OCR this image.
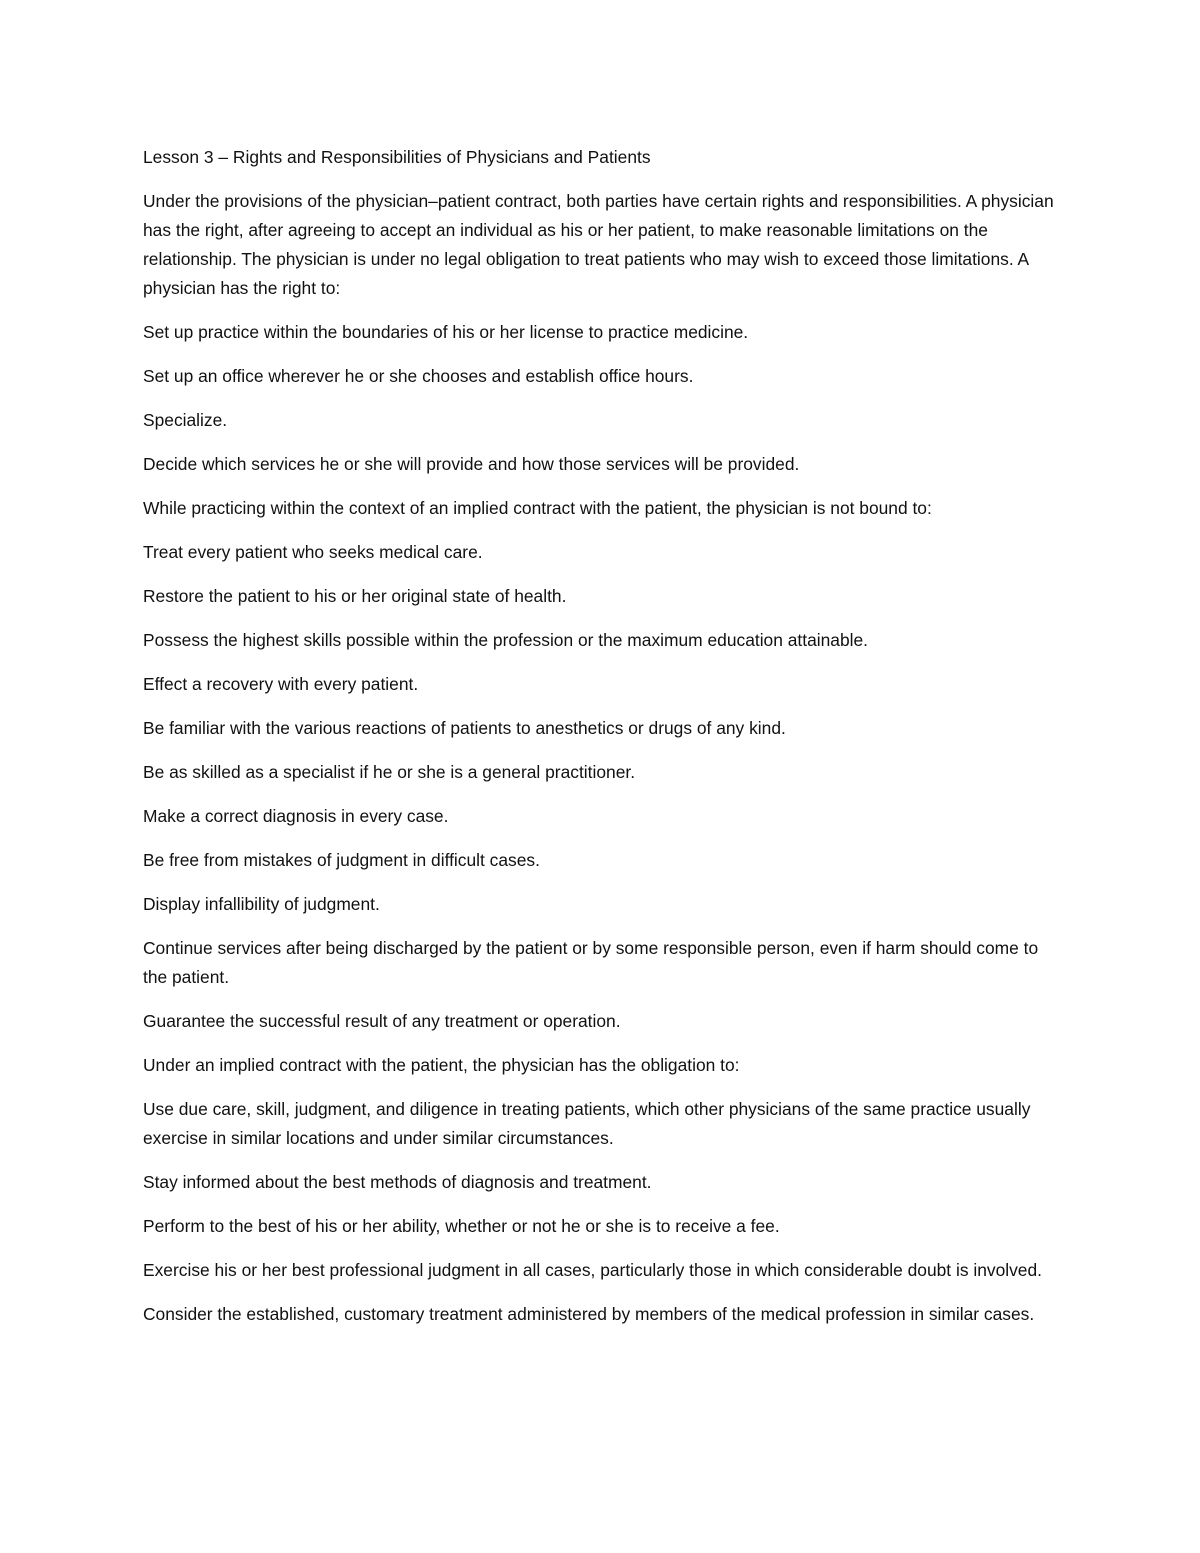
Lesson 3 – Rights and Responsibilities of Physicians and Patients

Under the provisions of the physician–patient contract, both parties have certain rights and responsibilities. A physician has the right, after agreeing to accept an individual as his or her patient, to make reasonable limitations on the relationship. The physician is under no legal obligation to treat patients who may wish to exceed those limitations. A physician has the right to:

Set up practice within the boundaries of his or her license to practice medicine.

Set up an office wherever he or she chooses and establish office hours.

Specialize.

Decide which services he or she will provide and how those services will be provided.

While practicing within the context of an implied contract with the patient, the physician is not bound to:

Treat every patient who seeks medical care.

Restore the patient to his or her original state of health.

Possess the highest skills possible within the profession or the maximum education attainable.

Effect a recovery with every patient.

Be familiar with the various reactions of patients to anesthetics or drugs of any kind.

Be as skilled as a specialist if he or she is a general practitioner.

Make a correct diagnosis in every case.

Be free from mistakes of judgment in difficult cases.

Display infallibility of judgment.

Continue services after being discharged by the patient or by some responsible person, even if harm should come to the patient.

Guarantee the successful result of any treatment or operation.

Under an implied contract with the patient, the physician has the obligation to:

Use due care, skill, judgment, and diligence in treating patients, which other physicians of the same practice usually exercise in similar locations and under similar circumstances.

Stay informed about the best methods of diagnosis and treatment.

Perform to the best of his or her ability, whether or not he or she is to receive a fee.

Exercise his or her best professional judgment in all cases, particularly those in which considerable doubt is involved.

Consider the established, customary treatment administered by members of the medical profession in similar cases.
